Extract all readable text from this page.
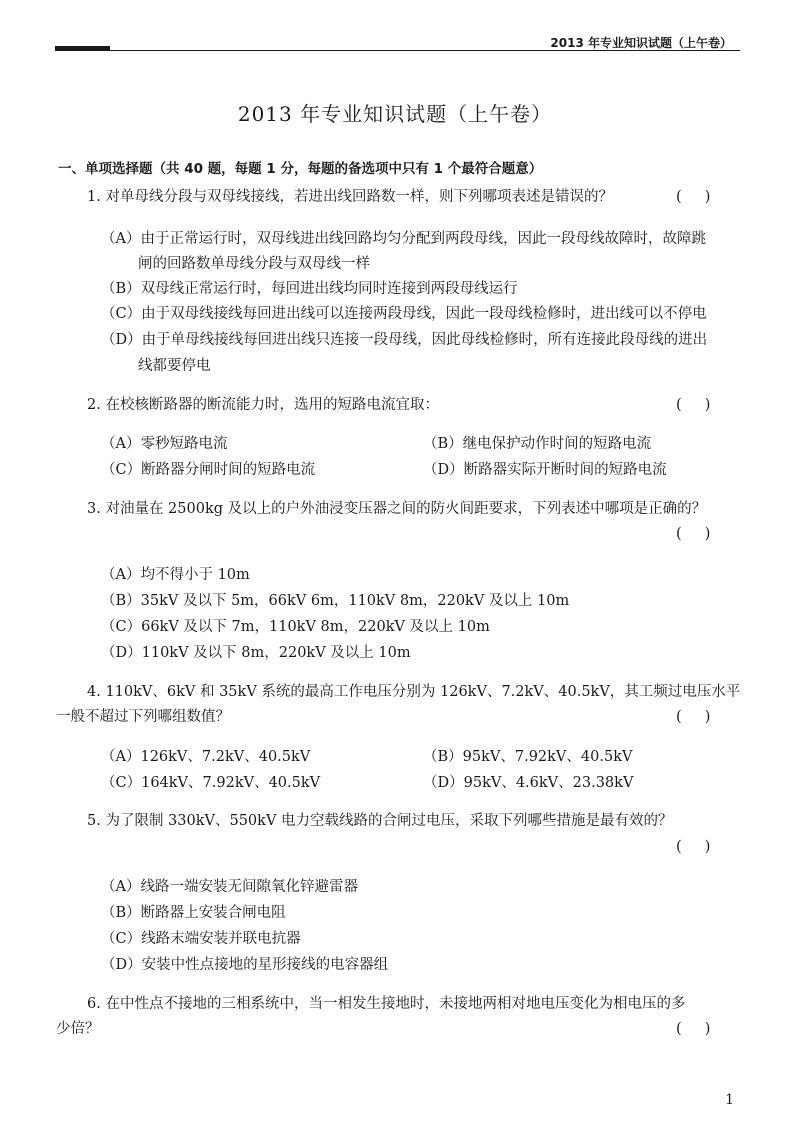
2013 年专业知识试题（上午卷）
2013 年专业知识试题（上午卷）
一、单项选择题（共 40 题，每题 1 分，每题的备选项中只有 1 个最符合题意）
1. 对单母线分段与双母线接线，若进出线回路数一样，则下列哪项表述是错误的？	(     )
（A）由于正常运行时，双母线进出线回路均匀分配到两段母线，因此一段母线故障时，故障跳
闸的回路数单母线分段与双母线一样
（B）双母线正常运行时，每回进出线均同时连接到两段母线运行
（C）由于双母线接线每回进出线可以连接两段母线，因此一段母线检修时，进出线可以不停电
（D）由于单母线接线每回进出线只连接一段母线，因此母线检修时，所有连接此段母线的进出
线都要停电
2. 在校核断路器的断流能力时，选用的短路电流宜取：	(     )
（A）零秒短路电流	（B）继电保护动作时间的短路电流
（C）断路器分闸时间的短路电流	（D）断路器实际开断时间的短路电流
3. 对油量在 2500kg 及以上的户外油浸变压器之间的防火间距要求，下列表述中哪项是正确的？
(     )
（A）均不得小于 10m
（B）35kV 及以下 5m，66kV 6m，110kV 8m，220kV 及以上 10m
（C）66kV 及以下 7m，110kV 8m，220kV 及以上 10m
（D）110kV 及以下 8m，220kV 及以上 10m
4. 110kV、6kV 和 35kV 系统的最高工作电压分别为 126kV、7.2kV、40.5kV，其工频过电压水平
一般不超过下列哪组数值？	(     )
（A）126kV、7.2kV、40.5kV	（B）95kV、7.92kV、40.5kV
（C）164kV、7.92kV、40.5kV	（D）95kV、4.6kV、23.38kV
5. 为了限制 330kV、550kV 电力空载线路的合闸过电压，采取下列哪些措施是最有效的？
(     )
（A）线路一端安装无间隙氧化锌避雷器
（B）断路器上安装合闸电阻
（C）线路末端安装并联电抗器
（D）安装中性点接地的星形接线的电容器组
6. 在中性点不接地的三相系统中，当一相发生接地时，未接地两相对地电压变化为相电压的多
少倍？	(     )
1
